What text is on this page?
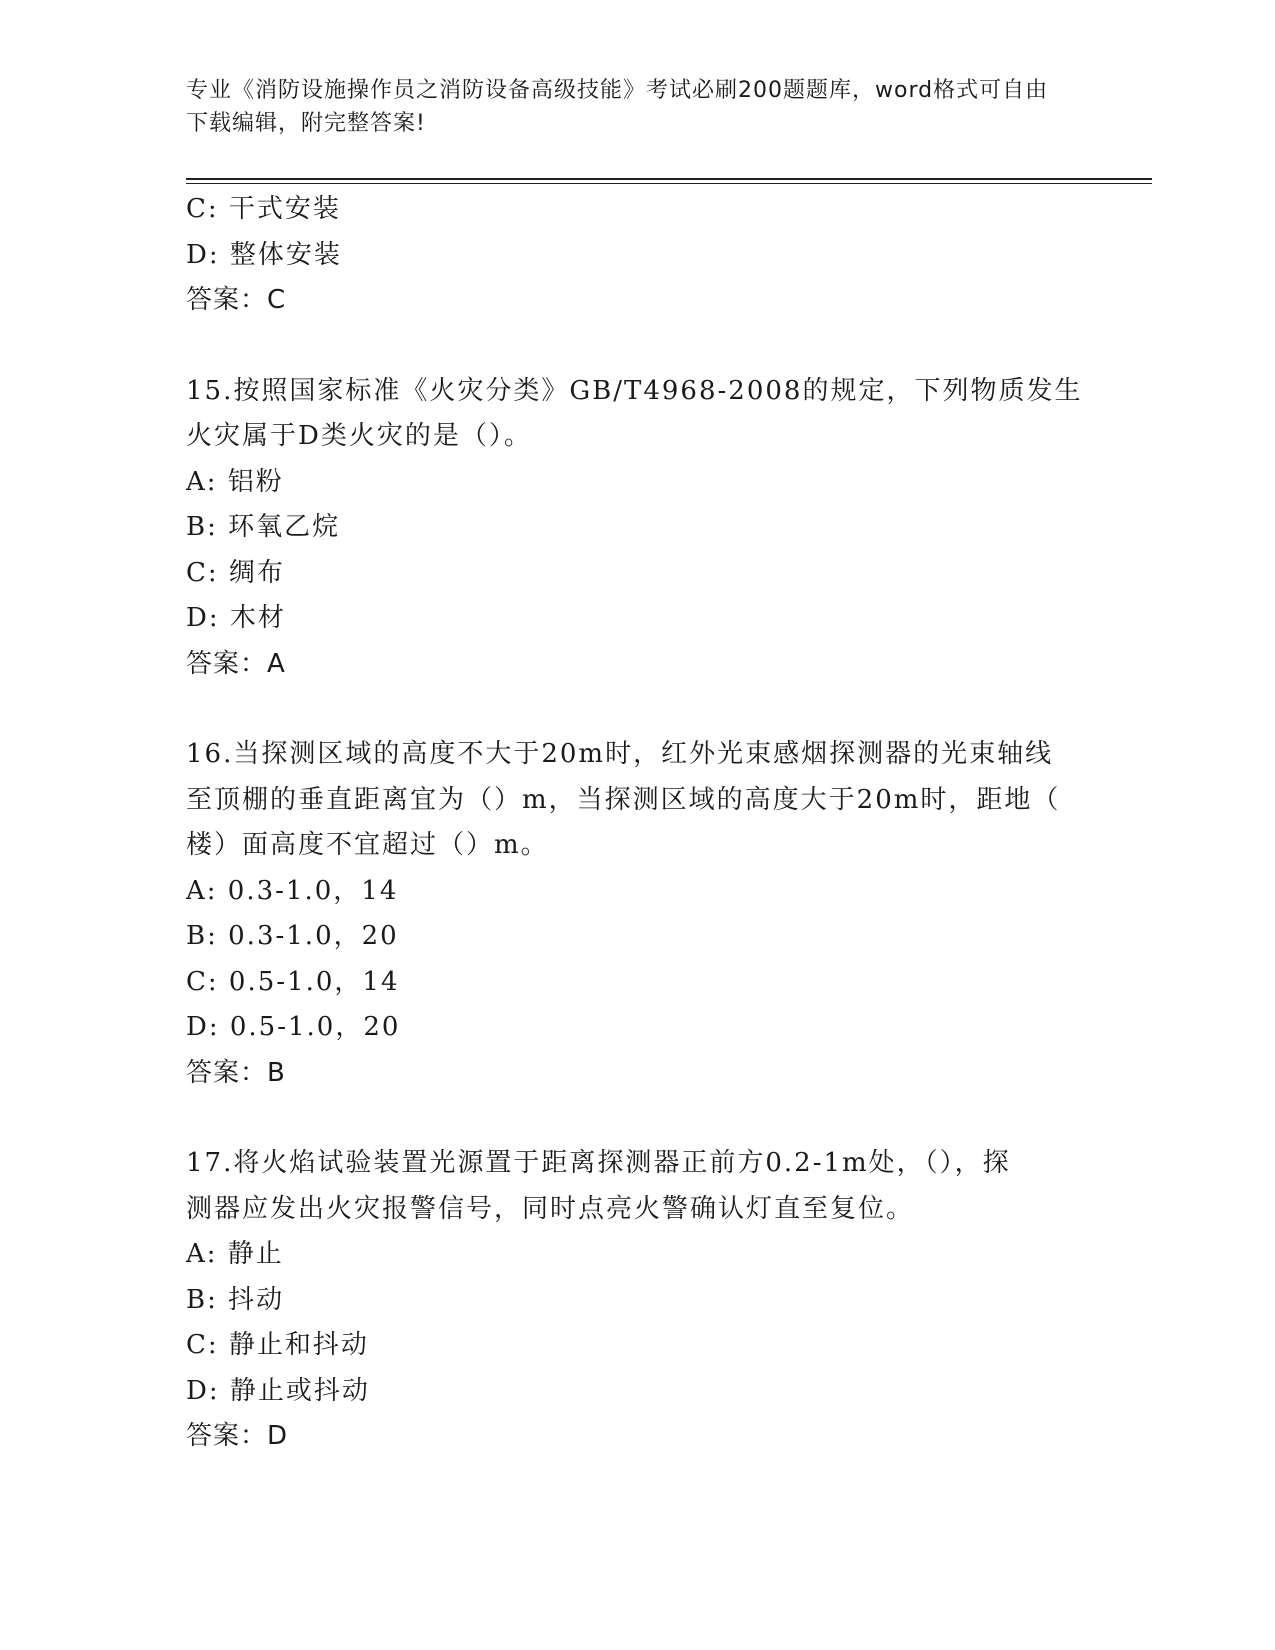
专业《消防设施操作员之消防设备高级技能》考试必刷200题题库，word格式可自由下载编辑，附完整答案!
C: 干式安装
D: 整体安装
答案：C
15.按照国家标准《火灾分类》GB/T4968-2008的规定，下列物质发生
火灾属于D类火灾的是（）。
A: 铝粉
B: 环氧乙烷
C: 绸布
D: 木材
答案：A
16.当探测区域的高度不大于20m时，红外光束感烟探测器的光束轴线
至顶棚的垂直距离宜为（）m，当探测区域的高度大于20m时，距地（
楼）面高度不宜超过（）m。
A: 0.3-1.0，14
B: 0.3-1.0，20
C: 0.5-1.0，14
D: 0.5-1.0，20
答案：B
17.将火焰试验装置光源置于距离探测器正前方0.2-1m处，（），探
测器应发出火灾报警信号，同时点亮火警确认灯直至复位。
A: 静止
B: 抖动
C: 静止和抖动
D: 静止或抖动
答案：D
